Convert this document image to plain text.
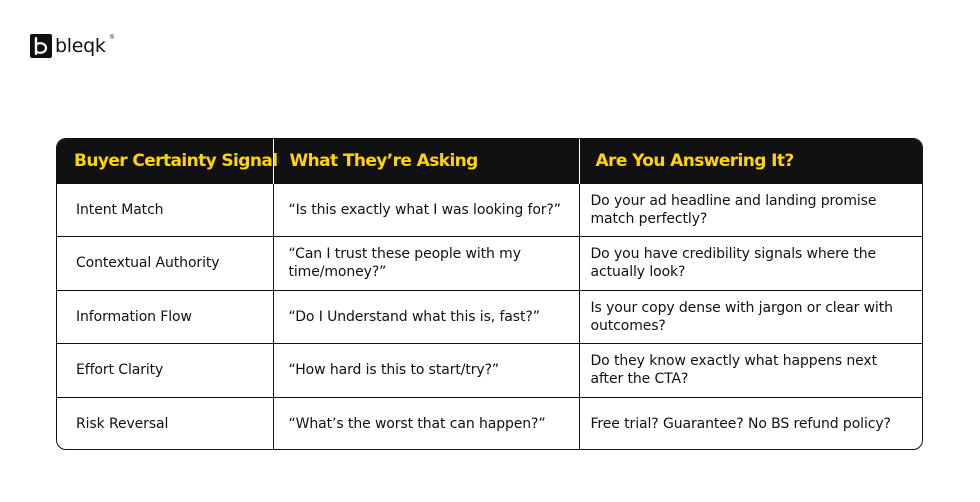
bleqk ®
Buyer Certainty Signal	What They’re Asking	Are You Answering It?
Intent Match	“Is this exactly what I was looking for?”	Do your ad headline and landing promise match perfectly?
Contextual Authority	“Can I trust these people with my time/money?”	Do you have credibility signals where the actually look?
Information Flow	“Do I Understand what this is, fast?”	Is your copy dense with jargon or clear with outcomes?
Effort Clarity	“How hard is this to start/try?”	Do they know exactly what happens next after the CTA?
Risk Reversal	“What’s the worst that can happen?”	Free trial? Guarantee? No BS refund policy?
